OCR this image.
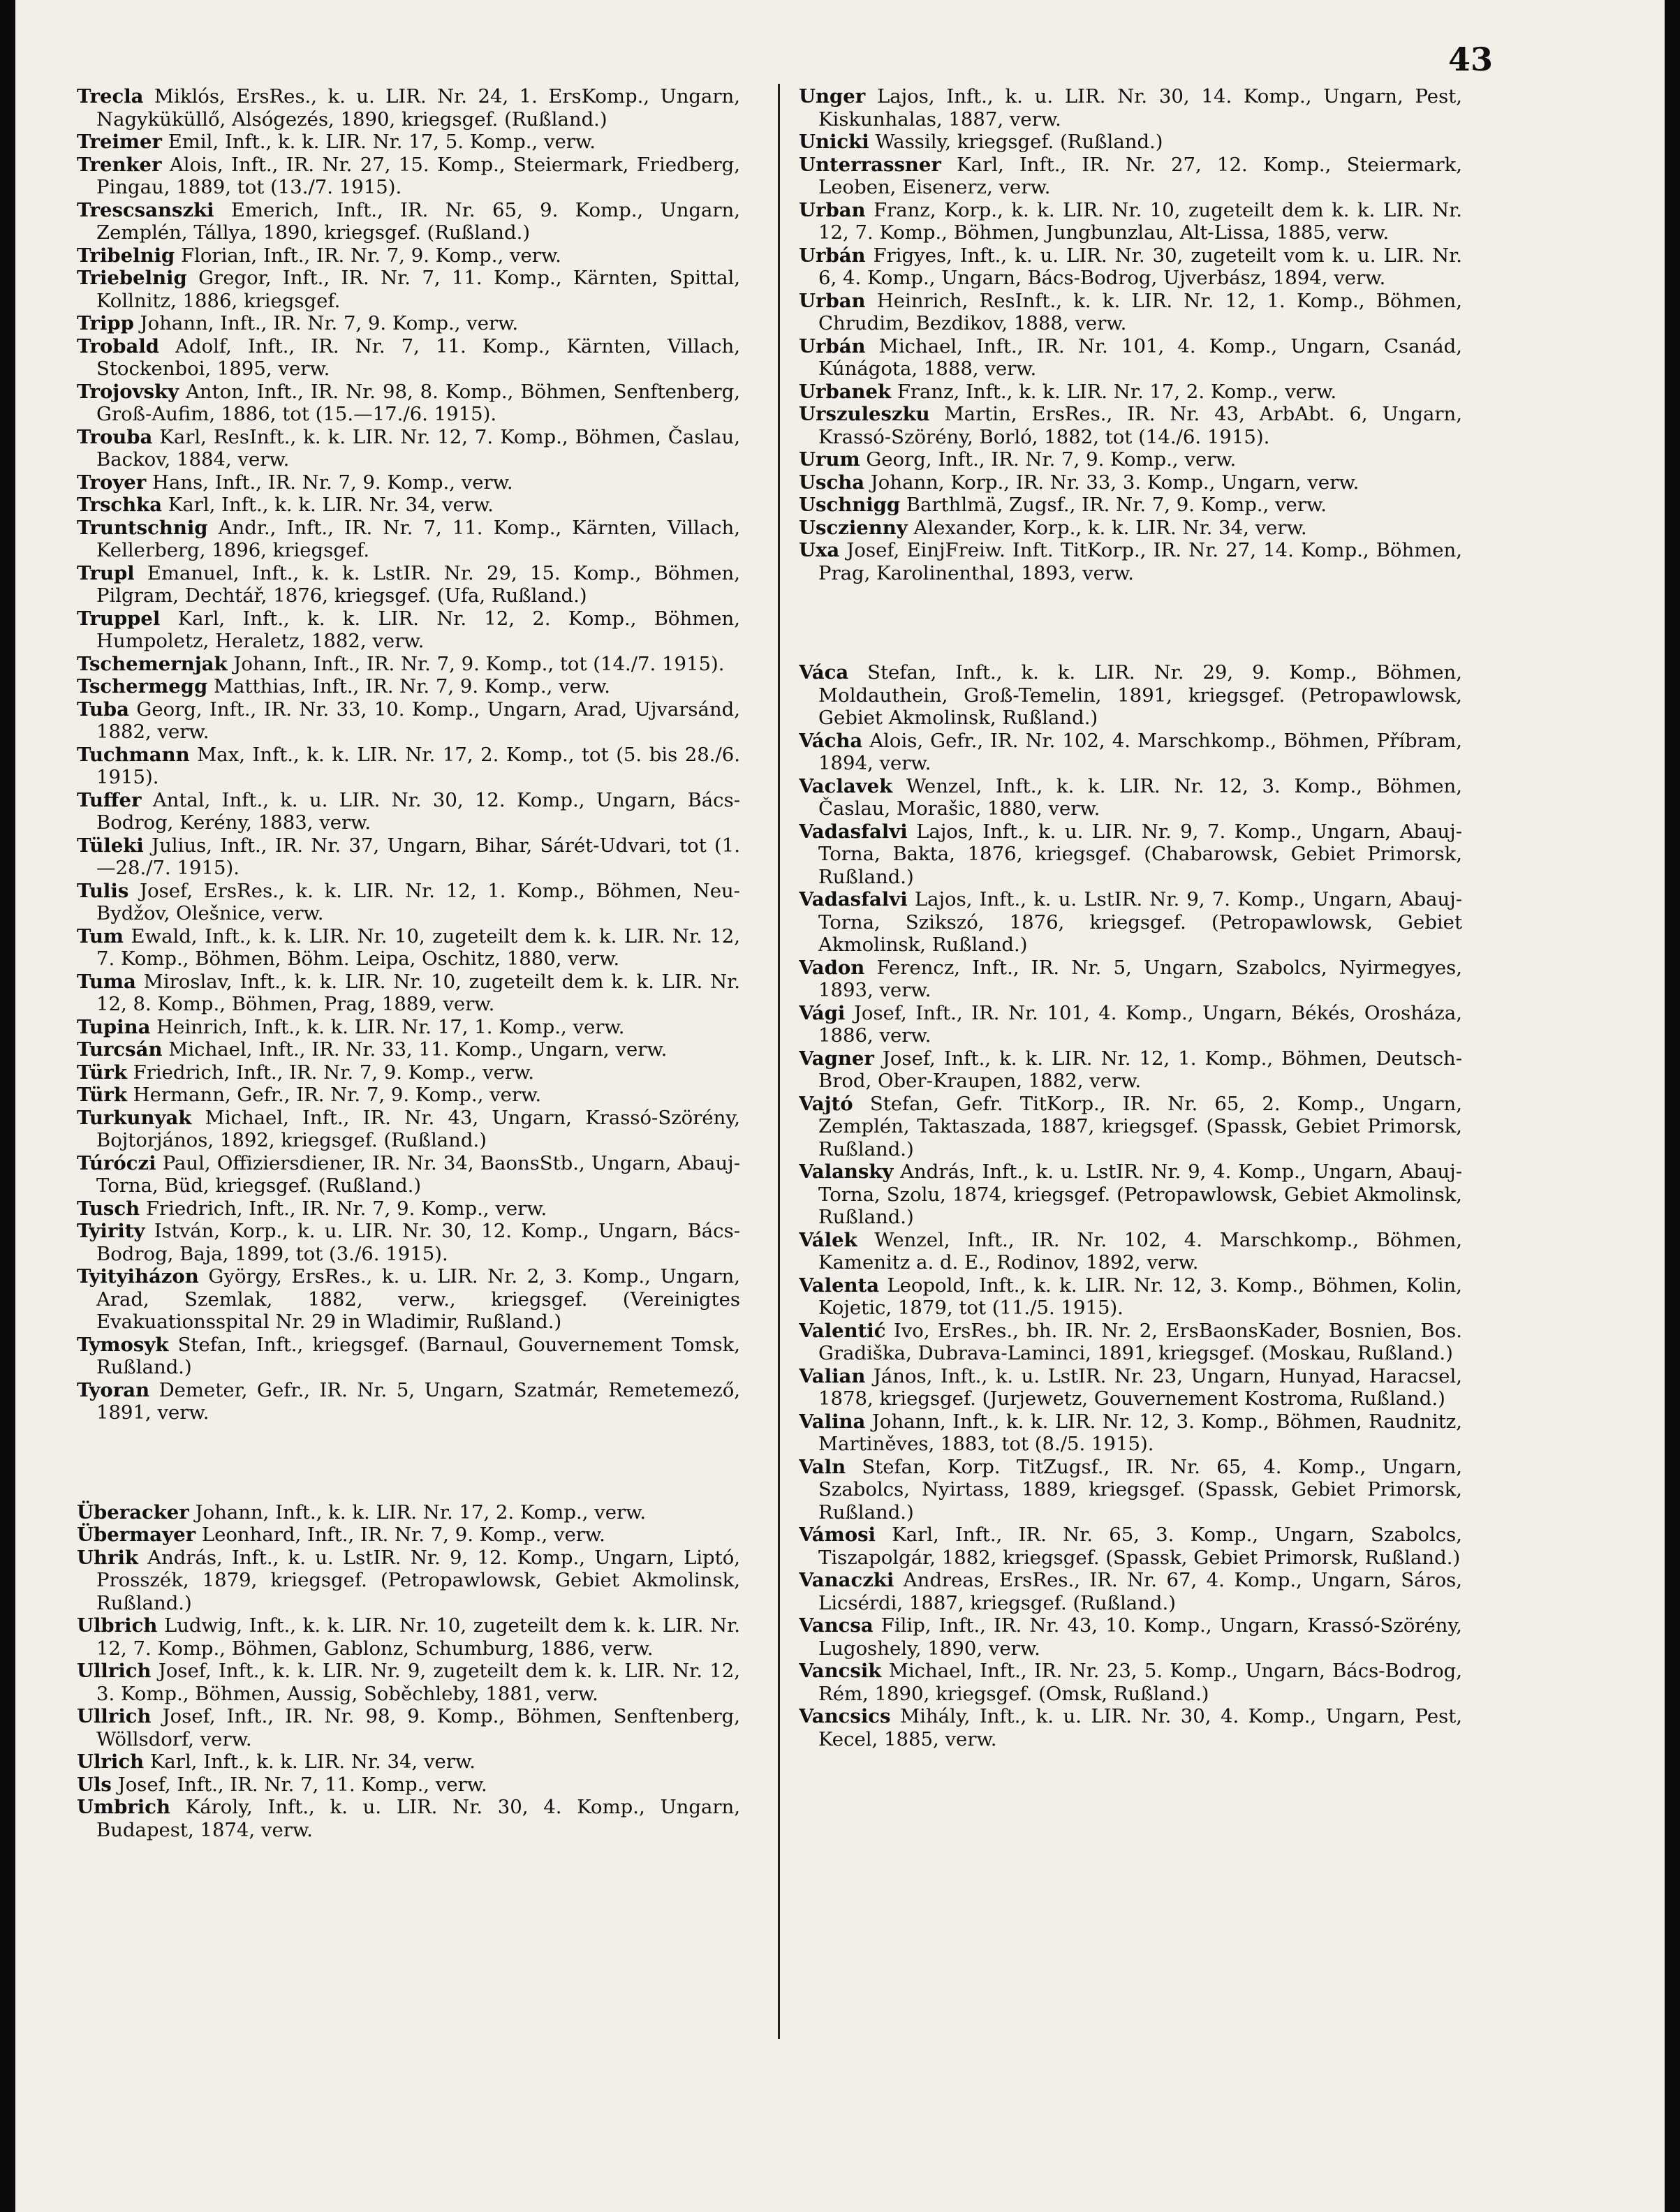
43

Trecla Miklós, ErsRes., k. u. LIR. Nr. 24, 1. ErsKomp., Ungarn, Nagyküküllő, Alsógezés, 1890, kriegsgef. (Rußland.)

Treimer Emil, Inft., k. k. LIR. Nr. 17, 5. Komp., verw.

Trenker Alois, Inft., IR. Nr. 27, 15. Komp., Steiermark, Friedberg, Pingau, 1889, tot (13./7. 1915).

Trescsanszki Emerich, Inft., IR. Nr. 65, 9. Komp., Ungarn, Zemplén, Tállya, 1890, kriegsgef. (Rußland.)

Tribelnig Florian, Inft., IR. Nr. 7, 9. Komp., verw.

Triebelnig Gregor, Inft., IR. Nr. 7, 11. Komp., Kärnten, Spittal, Kollnitz, 1886, kriegsgef.

Tripp Johann, Inft., IR. Nr. 7, 9. Komp., verw.

Trobald Adolf, Inft., IR. Nr. 7, 11. Komp., Kärnten, Villach, Stockenboi, 1895, verw.

Trojovsky Anton, Inft., IR. Nr. 98, 8. Komp., Böhmen, Senftenberg, Groß-Aufim, 1886, tot (15.—17./6. 1915).

Trouba Karl, ResInft., k. k. LIR. Nr. 12, 7. Komp., Böhmen, Časlau, Backov, 1884, verw.

Troyer Hans, Inft., IR. Nr. 7, 9. Komp., verw.

Trschka Karl, Inft., k. k. LIR. Nr. 34, verw.

Truntschnig Andr., Inft., IR. Nr. 7, 11. Komp., Kärnten, Villach, Kellerberg, 1896, kriegsgef.

Trupl Emanuel, Inft., k. k. LstIR. Nr. 29, 15. Komp., Böhmen, Pilgram, Dechtář, 1876, kriegsgef. (Ufa, Rußland.)

Truppel Karl, Inft., k. k. LIR. Nr. 12, 2. Komp., Böhmen, Humpoletz, Heraletz, 1882, verw.

Tschemernjak Johann, Inft., IR. Nr. 7, 9. Komp., tot (14./7. 1915).

Tschermegg Matthias, Inft., IR. Nr. 7, 9. Komp., verw.

Tuba Georg, Inft., IR. Nr. 33, 10. Komp., Ungarn, Arad, Ujvarsánd, 1882, verw.

Tuchmann Max, Inft., k. k. LIR. Nr. 17, 2. Komp., tot (5. bis 28./6. 1915).

Tuffer Antal, Inft., k. u. LIR. Nr. 30, 12. Komp., Ungarn, Bács-Bodrog, Kerény, 1883, verw.

Tüleki Julius, Inft., IR. Nr. 37, Ungarn, Bihar, Sárét-Udvari, tot (1.—28./7. 1915).

Tulis Josef, ErsRes., k. k. LIR. Nr. 12, 1. Komp., Böhmen, Neu-Bydžov, Olešnice, verw.

Tum Ewald, Inft., k. k. LIR. Nr. 10, zugeteilt dem k. k. LIR. Nr. 12, 7. Komp., Böhmen, Böhm. Leipa, Oschitz, 1880, verw.

Tuma Miroslav, Inft., k. k. LIR. Nr. 10, zugeteilt dem k. k. LIR. Nr. 12, 8. Komp., Böhmen, Prag, 1889, verw.

Tupina Heinrich, Inft., k. k. LIR. Nr. 17, 1. Komp., verw.

Turcsán Michael, Inft., IR. Nr. 33, 11. Komp., Ungarn, verw.

Türk Friedrich, Inft., IR. Nr. 7, 9. Komp., verw.

Türk Hermann, Gefr., IR. Nr. 7, 9. Komp., verw.

Turkunyak Michael, Inft., IR. Nr. 43, Ungarn, Krassó-Szörény, Bojtorjános, 1892, kriegsgef. (Rußland.)

Túróczi Paul, Offiziersdiener, IR. Nr. 34, BaonsStb., Ungarn, Abauj-Torna, Büd, kriegsgef. (Rußland.)

Tusch Friedrich, Inft., IR. Nr. 7, 9. Komp., verw.

Tyirity István, Korp., k. u. LIR. Nr. 30, 12. Komp., Ungarn, Bács-Bodrog, Baja, 1899, tot (3./6. 1915).

Tyityiházon György, ErsRes., k. u. LIR. Nr. 2, 3. Komp., Ungarn, Arad, Szemlak, 1882, verw., kriegsgef. (Vereinigtes Evakuationsspital Nr. 29 in Wladimir, Rußland.)

Tymosyk Stefan, Inft., kriegsgef. (Barnaul, Gouvernement Tomsk, Rußland.)

Tyoran Demeter, Gefr., IR. Nr. 5, Ungarn, Szatmár, Remetemező, 1891, verw.

Überacker Johann, Inft., k. k. LIR. Nr. 17, 2. Komp., verw.

Übermayer Leonhard, Inft., IR. Nr. 7, 9. Komp., verw.

Uhrik András, Inft., k. u. LstIR. Nr. 9, 12. Komp., Ungarn, Liptó, Prosszék, 1879, kriegsgef. (Petropawlowsk, Gebiet Akmolinsk, Rußland.)

Ulbrich Ludwig, Inft., k. k. LIR. Nr. 10, zugeteilt dem k. k. LIR. Nr. 12, 7. Komp., Böhmen, Gablonz, Schumburg, 1886, verw.

Ullrich Josef, Inft., k. k. LIR. Nr. 9, zugeteilt dem k. k. LIR. Nr. 12, 3. Komp., Böhmen, Aussig, Soběchleby, 1881, verw.

Ullrich Josef, Inft., IR. Nr. 98, 9. Komp., Böhmen, Senftenberg, Wöllsdorf, verw.

Ulrich Karl, Inft., k. k. LIR. Nr. 34, verw.

Uls Josef, Inft., IR. Nr. 7, 11. Komp., verw.

Umbrich Károly, Inft., k. u. LIR. Nr. 30, 4. Komp., Ungarn, Budapest, 1874, verw.

Unger Lajos, Inft., k. u. LIR. Nr. 30, 14. Komp., Ungarn, Pest, Kiskunhalas, 1887, verw.

Unicki Wassily, kriegsgef. (Rußland.)

Unterrassner Karl, Inft., IR. Nr. 27, 12. Komp., Steiermark, Leoben, Eisenerz, verw.

Urban Franz, Korp., k. k. LIR. Nr. 10, zugeteilt dem k. k. LIR. Nr. 12, 7. Komp., Böhmen, Jungbunzlau, Alt-Lissa, 1885, verw.

Urbán Frigyes, Inft., k. u. LIR. Nr. 30, zugeteilt vom k. u. LIR. Nr. 6, 4. Komp., Ungarn, Bács-Bodrog, Ujverbász, 1894, verw.

Urban Heinrich, ResInft., k. k. LIR. Nr. 12, 1. Komp., Böhmen, Chrudim, Bezdikov, 1888, verw.

Urbán Michael, Inft., IR. Nr. 101, 4. Komp., Ungarn, Csanád, Kúnágota, 1888, verw.

Urbanek Franz, Inft., k. k. LIR. Nr. 17, 2. Komp., verw.

Urszuleszku Martin, ErsRes., IR. Nr. 43, ArbAbt. 6, Ungarn, Krassó-Szörény, Borló, 1882, tot (14./6. 1915).

Urum Georg, Inft., IR. Nr. 7, 9. Komp., verw.

Uscha Johann, Korp., IR. Nr. 33, 3. Komp., Ungarn, verw.

Uschnigg Barthlmä, Zugsf., IR. Nr. 7, 9. Komp., verw.

Usczienny Alexander, Korp., k. k. LIR. Nr. 34, verw.

Uxa Josef, EinjFreiw. Inft. TitKorp., IR. Nr. 27, 14. Komp., Böhmen, Prag, Karolinenthal, 1893, verw.

Váca Stefan, Inft., k. k. LIR. Nr. 29, 9. Komp., Böhmen, Moldauthein, Groß-Temelin, 1891, kriegsgef. (Petropawlowsk, Gebiet Akmolinsk, Rußland.)

Vácha Alois, Gefr., IR. Nr. 102, 4. Marschkomp., Böhmen, Příbram, 1894, verw.

Vaclavek Wenzel, Inft., k. k. LIR. Nr. 12, 3. Komp., Böhmen, Časlau, Morašic, 1880, verw.

Vadasfalvi Lajos, Inft., k. u. LIR. Nr. 9, 7. Komp., Ungarn, Abauj-Torna, Bakta, 1876, kriegsgef. (Chabarowsk, Gebiet Primorsk, Rußland.)

Vadasfalvi Lajos, Inft., k. u. LstIR. Nr. 9, 7. Komp., Ungarn, Abauj-Torna, Szikszó, 1876, kriegsgef. (Petropawlowsk, Gebiet Akmolinsk, Rußland.)

Vadon Ferencz, Inft., IR. Nr. 5, Ungarn, Szabolcs, Nyirmegyes, 1893, verw.

Vági Josef, Inft., IR. Nr. 101, 4. Komp., Ungarn, Békés, Orosháza, 1886, verw.

Vagner Josef, Inft., k. k. LIR. Nr. 12, 1. Komp., Böhmen, Deutsch-Brod, Ober-Kraupen, 1882, verw.

Vajtó Stefan, Gefr. TitKorp., IR. Nr. 65, 2. Komp., Ungarn, Zemplén, Taktaszada, 1887, kriegsgef. (Spassk, Gebiet Primorsk, Rußland.)

Valansky András, Inft., k. u. LstIR. Nr. 9, 4. Komp., Ungarn, Abauj-Torna, Szolu, 1874, kriegsgef. (Petropawlowsk, Gebiet Akmolinsk, Rußland.)

Válek Wenzel, Inft., IR. Nr. 102, 4. Marschkomp., Böhmen, Kamenitz a. d. E., Rodinov, 1892, verw.

Valenta Leopold, Inft., k. k. LIR. Nr. 12, 3. Komp., Böhmen, Kolin, Kojetic, 1879, tot (11./5. 1915).

Valentić Ivo, ErsRes., bh. IR. Nr. 2, ErsBaonsKader, Bosnien, Bos. Gradiška, Dubrava-Laminci, 1891, kriegsgef. (Moskau, Rußland.)

Valian János, Inft., k. u. LstIR. Nr. 23, Ungarn, Hunyad, Haracsel, 1878, kriegsgef. (Jurjewetz, Gouvernement Kostroma, Rußland.)

Valina Johann, Inft., k. k. LIR. Nr. 12, 3. Komp., Böhmen, Raudnitz, Martiněves, 1883, tot (8./5. 1915).

Valn Stefan, Korp. TitZugsf., IR. Nr. 65, 4. Komp., Ungarn, Szabolcs, Nyirtass, 1889, kriegsgef. (Spassk, Gebiet Primorsk, Rußland.)

Vámosi Karl, Inft., IR. Nr. 65, 3. Komp., Ungarn, Szabolcs, Tiszapolgár, 1882, kriegsgef. (Spassk, Gebiet Primorsk, Rußland.)

Vanaczki Andreas, ErsRes., IR. Nr. 67, 4. Komp., Ungarn, Sáros, Licsérdi, 1887, kriegsgef. (Rußland.)

Vancsa Filip, Inft., IR. Nr. 43, 10. Komp., Ungarn, Krassó-Szörény, Lugoshely, 1890, verw.

Vancsik Michael, Inft., IR. Nr. 23, 5. Komp., Ungarn, Bács-Bodrog, Rém, 1890, kriegsgef. (Omsk, Rußland.)

Vancsics Mihály, Inft., k. u. LIR. Nr. 30, 4. Komp., Ungarn, Pest, Kecel, 1885, verw.
